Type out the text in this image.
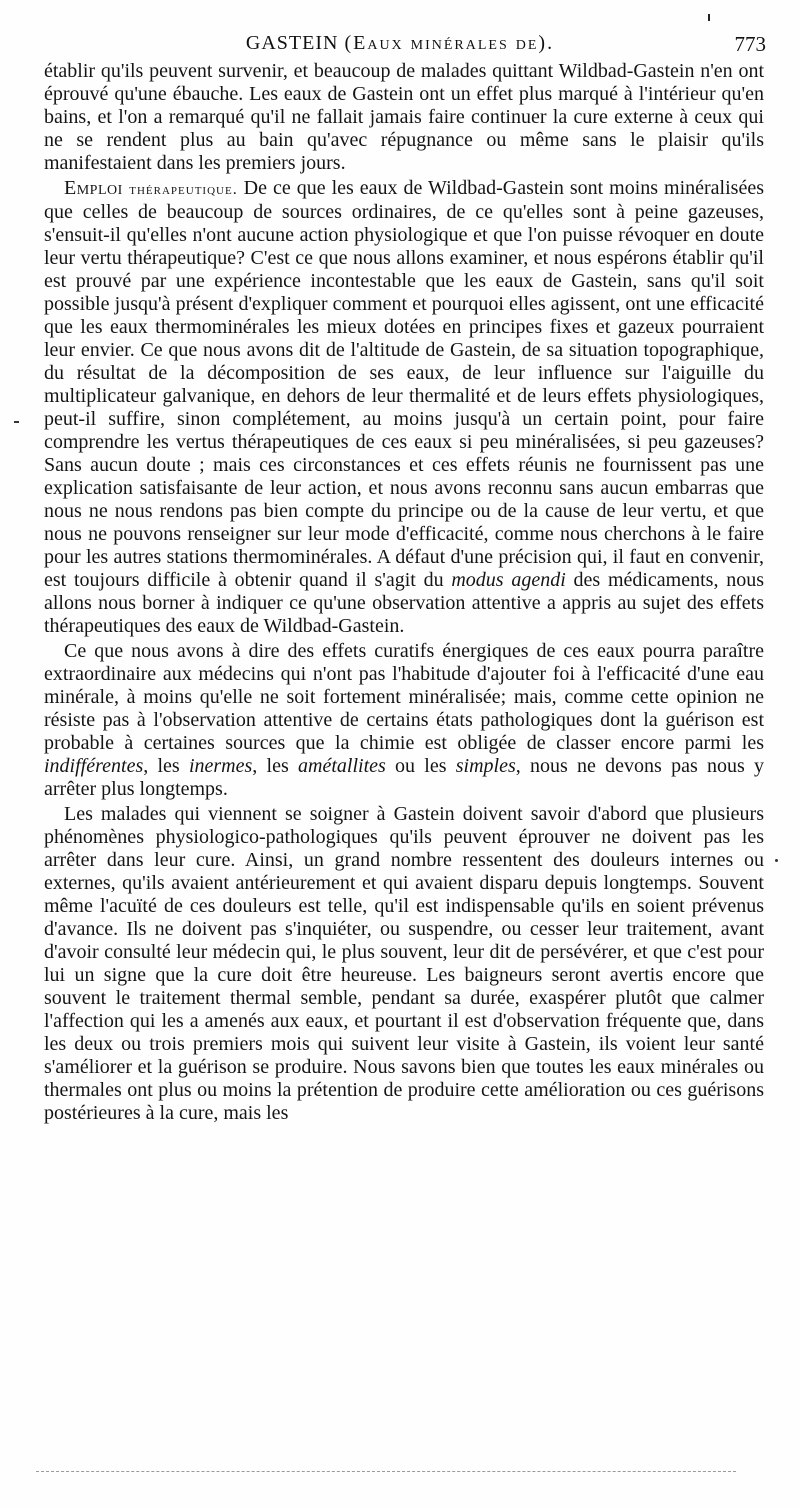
GASTEIN (Eaux minérales de).	773

établir qu'ils peuvent survenir, et beaucoup de malades quittant Wildbad-Gastein n'en ont éprouvé qu'une ébauche. Les eaux de Gastein ont un effet plus marqué à l'intérieur qu'en bains, et l'on a remarqué qu'il ne fallait jamais faire continuer la cure externe à ceux qui ne se rendent plus au bain qu'avec répugnance ou même sans le plaisir qu'ils manifestaient dans les premiers jours.

Emploi thérapeutique. De ce que les eaux de Wildbad-Gastein sont moins minéralisées que celles de beaucoup de sources ordinaires, de ce qu'elles sont à peine gazeuses, s'ensuit-il qu'elles n'ont aucune action physiologique et que l'on puisse révoquer en doute leur vertu thérapeutique? C'est ce que nous allons examiner, et nous espérons établir qu'il est prouvé par une expérience incontestable que les eaux de Gastein, sans qu'il soit possible jusqu'à présent d'expliquer comment et pourquoi elles agissent, ont une efficacité que les eaux thermominérales les mieux dotées en principes fixes et gazeux pourraient leur envier. Ce que nous avons dit de l'altitude de Gastein, de sa situation topographique, du résultat de la décomposition de ses eaux, de leur influence sur l'aiguille du multiplicateur galvanique, en dehors de leur thermalité et de leurs effets physiologiques, peut-il suffire, sinon complétement, au moins jusqu'à un certain point, pour faire comprendre les vertus thérapeutiques de ces eaux si peu minéralisées, si peu gazeuses? Sans aucun doute ; mais ces circonstances et ces effets réunis ne fournissent pas une explication satisfaisante de leur action, et nous avons reconnu sans aucun embarras que nous ne nous rendons pas bien compte du principe ou de la cause de leur vertu, et que nous ne pouvons renseigner sur leur mode d'efficacité, comme nous cherchons à le faire pour les autres stations thermominérales. A défaut d'une précision qui, il faut en convenir, est toujours difficile à obtenir quand il s'agit du modus agendi des médicaments, nous allons nous borner à indiquer ce qu'une observation attentive a appris au sujet des effets thérapeutiques des eaux de Wildbad-Gastein.

Ce que nous avons à dire des effets curatifs énergiques de ces eaux pourra paraître extraordinaire aux médecins qui n'ont pas l'habitude d'ajouter foi à l'efficacité d'une eau minérale, à moins qu'elle ne soit fortement minéralisée; mais, comme cette opinion ne résiste pas à l'observation attentive de certains états pathologiques dont la guérison est probable à certaines sources que la chimie est obligée de classer encore parmi les indifférentes, les inermes, les amétallites ou les simples, nous ne devons pas nous y arrêter plus longtemps.

Les malades qui viennent se soigner à Gastein doivent savoir d'abord que plusieurs phénomènes physiologico-pathologiques qu'ils peuvent éprouver ne doivent pas les arrêter dans leur cure. Ainsi, un grand nombre ressentent des douleurs internes ou externes, qu'ils avaient antérieurement et qui avaient disparu depuis longtemps. Souvent même l'acuïté de ces douleurs est telle, qu'il est indispensable qu'ils en soient prévenus d'avance. Ils ne doivent pas s'inquiéter, ou suspendre, ou cesser leur traitement, avant d'avoir consulté leur médecin qui, le plus souvent, leur dit de persévérer, et que c'est pour lui un signe que la cure doit être heureuse. Les baigneurs seront avertis encore que souvent le traitement thermal semble, pendant sa durée, exaspérer plutôt que calmer l'affection qui les a amenés aux eaux, et pourtant il est d'observation fréquente que, dans les deux ou trois premiers mois qui suivent leur visite à Gastein, ils voient leur santé s'améliorer et la guérison se produire. Nous savons bien que toutes les eaux minérales ou thermales ont plus ou moins la prétention de produire cette amélioration ou ces guérisons postérieures à la cure, mais les
